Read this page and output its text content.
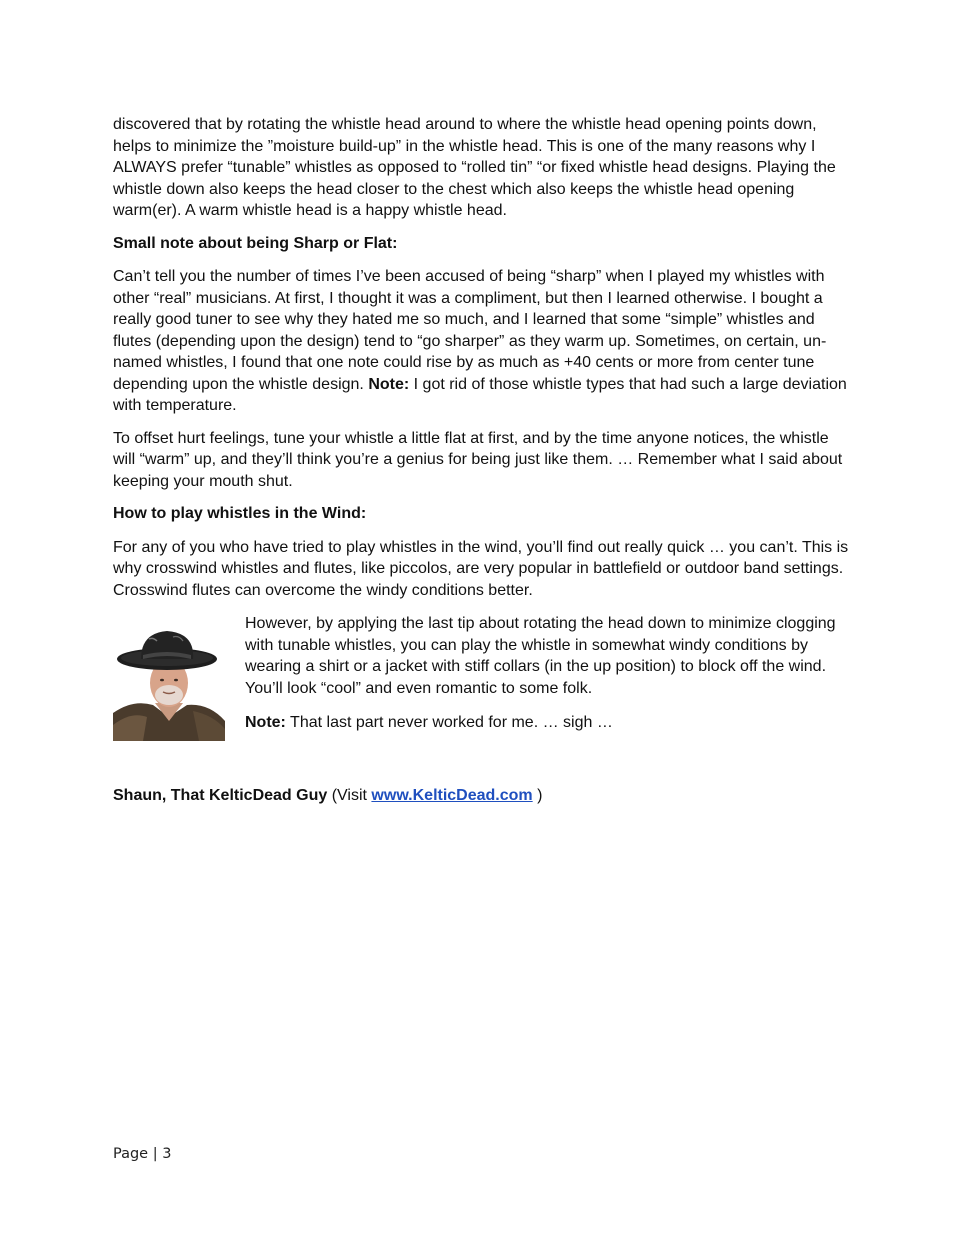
discovered that by rotating the whistle head around to where the whistle head opening points down, helps to minimize the ”moisture build-up” in the whistle head. This is one of the many reasons why I ALWAYS prefer “tunable” whistles as opposed to “rolled tin” “or fixed whistle head designs. Playing the whistle down also keeps the head closer to the chest which also keeps the whistle head opening warm(er). A warm whistle head is a happy whistle head.

Small note about being Sharp or Flat:

Can’t tell you the number of times I’ve been accused of being “sharp” when I played my whistles with other “real” musicians. At first, I thought it was a compliment, but then I learned otherwise. I bought a really good tuner to see why they hated me so much, and I learned that some “simple” whistles and flutes (depending upon the design) tend to “go sharper” as they warm up. Sometimes, on certain, un-named whistles, I found that one note could rise by as much as +40 cents or more from center tune depending upon the whistle design. Note: I got rid of those whistle types that had such a large deviation with temperature.

To offset hurt feelings, tune your whistle a little flat at first, and by the time anyone notices, the whistle will “warm” up, and they’ll think you’re a genius for being just like them. … Remember what I said about keeping your mouth shut.

How to play whistles in the Wind:

For any of you who have tried to play whistles in the wind, you’ll find out really quick … you can’t. This is why crosswind whistles and flutes, like piccolos, are very popular in battlefield or outdoor band settings. Crosswind flutes can overcome the windy conditions better.

However, by applying the last tip about rotating the head down to minimize clogging with tunable whistles, you can play the whistle in somewhat windy conditions by wearing a shirt or a jacket with stiff collars (in the up position) to block off the wind. You’ll look “cool” and even romantic to some folk.

Note: That last part never worked for me. … sigh …

Shaun, That KelticDead Guy (Visit www.KelticDead.com )

Page | 3
